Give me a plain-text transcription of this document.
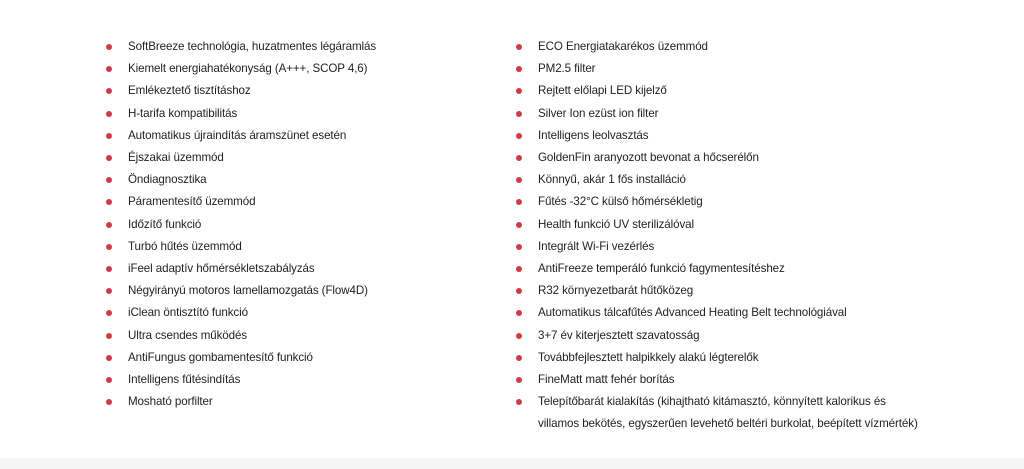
SoftBreeze technológia, huzatmentes légáramlás
Kiemelt energiahatékonyság (A+++, SCOP 4,6)
Emlékeztető tisztításhoz
H-tarifa kompatibilitás
Automatikus újraindítás áramszünet esetén
Éjszakai üzemmód
Öndiagnosztika
Páramentesítő üzemmód
Időzítő funkció
Turbó hűtés üzemmód
iFeel adaptív hőmérsékletszabályzás
Négyirányú motoros lamellamozgatás (Flow4D)
iClean öntisztító funkció
Ultra csendes működés
AntiFungus gombamentesítő funkció
Intelligens fűtésindítás
Mosható porfilter
ECO Energiatakarékos üzemmód
PM2.5 filter
Rejtett előlapi LED kijelző
Silver Ion ezüst ion filter
Intelligens leolvasztás
GoldenFin aranyozott bevonat a hőcserélőn
Könnyű, akár 1 fős installáció
Fűtés -32°C külső hőmérsékletig
Health funkció UV sterilizálóval
Integrált Wi-Fi vezérlés
AntiFreeze temperáló funkció fagymentesítéshez
R32 környezetbarát hűtőközeg
Automatikus tálcafűtés Advanced Heating Belt technológiával
3+7 év kiterjesztett szavatosság
Továbbfejlesztett halpikkely alakú légterelők
FineMatt matt fehér borítás
Telepítőbarát kialakítás (kihajtható kitámasztó, könnyített kalorikus és villamos bekötés, egyszerűen levehető beltéri burkolat, beépített vízmérték)
